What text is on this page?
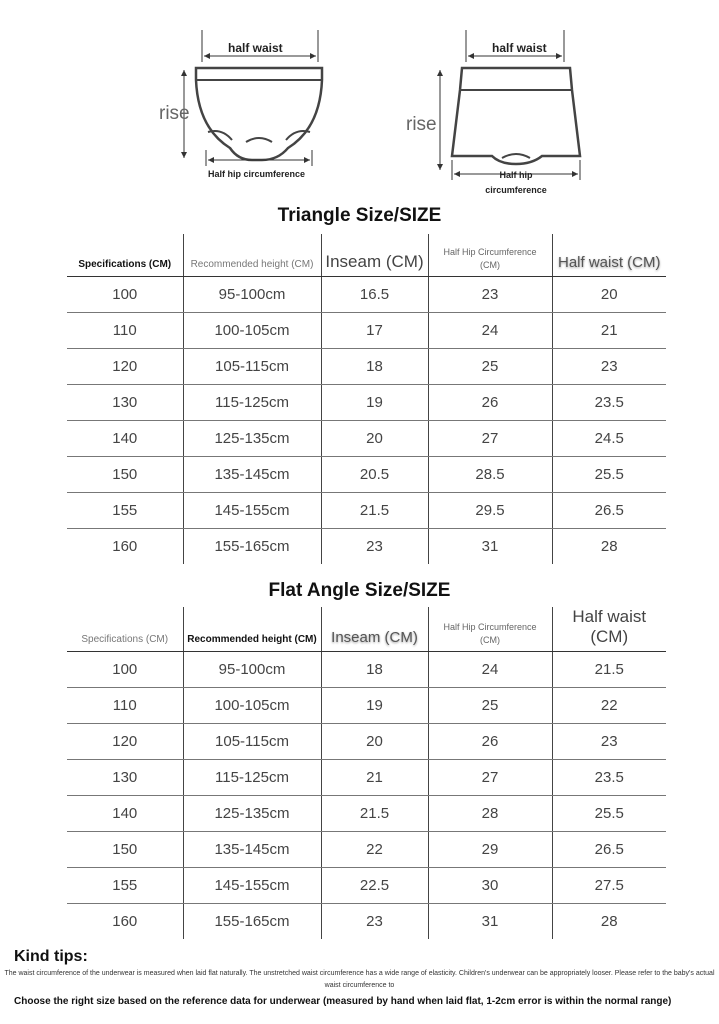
half waist
rise
Half hip circumference
half waist
rise
Half hip
circumference
Triangle Size/SIZE
Specifications (CM)	Recommended height (CM)	Inseam (CM)	Half Hip Circumference
(CM)	Half waist (CM)
100	95-100cm	16.5	23	20
110	100-105cm	17	24	21
120	105-115cm	18	25	23
130	115-125cm	19	26	23.5
140	125-135cm	20	27	24.5
150	135-145cm	20.5	28.5	25.5
155	145-155cm	21.5	29.5	26.5
160	155-165cm	23	31	28
Flat Angle Size/SIZE
Specifications (CM)	Recommended height (CM)	Inseam (CM)	Half Hip Circumference
(CM)	Half waist (CM)
100	95-100cm	18	24	21.5
110	100-105cm	19	25	22
120	105-115cm	20	26	23
130	115-125cm	21	27	23.5
140	125-135cm	21.5	28	25.5
150	135-145cm	22	29	26.5
155	145-155cm	22.5	30	27.5
160	155-165cm	23	31	28
Kind tips:
The waist circumference of the underwear is measured when laid flat naturally. The unstretched waist circumference has a wide range of elasticity. Children's underwear can be appropriately looser. Please refer to the baby's actual waist circumference to
Choose the right size based on the reference data for underwear (measured by hand when laid flat, 1-2cm error is within the normal range)
